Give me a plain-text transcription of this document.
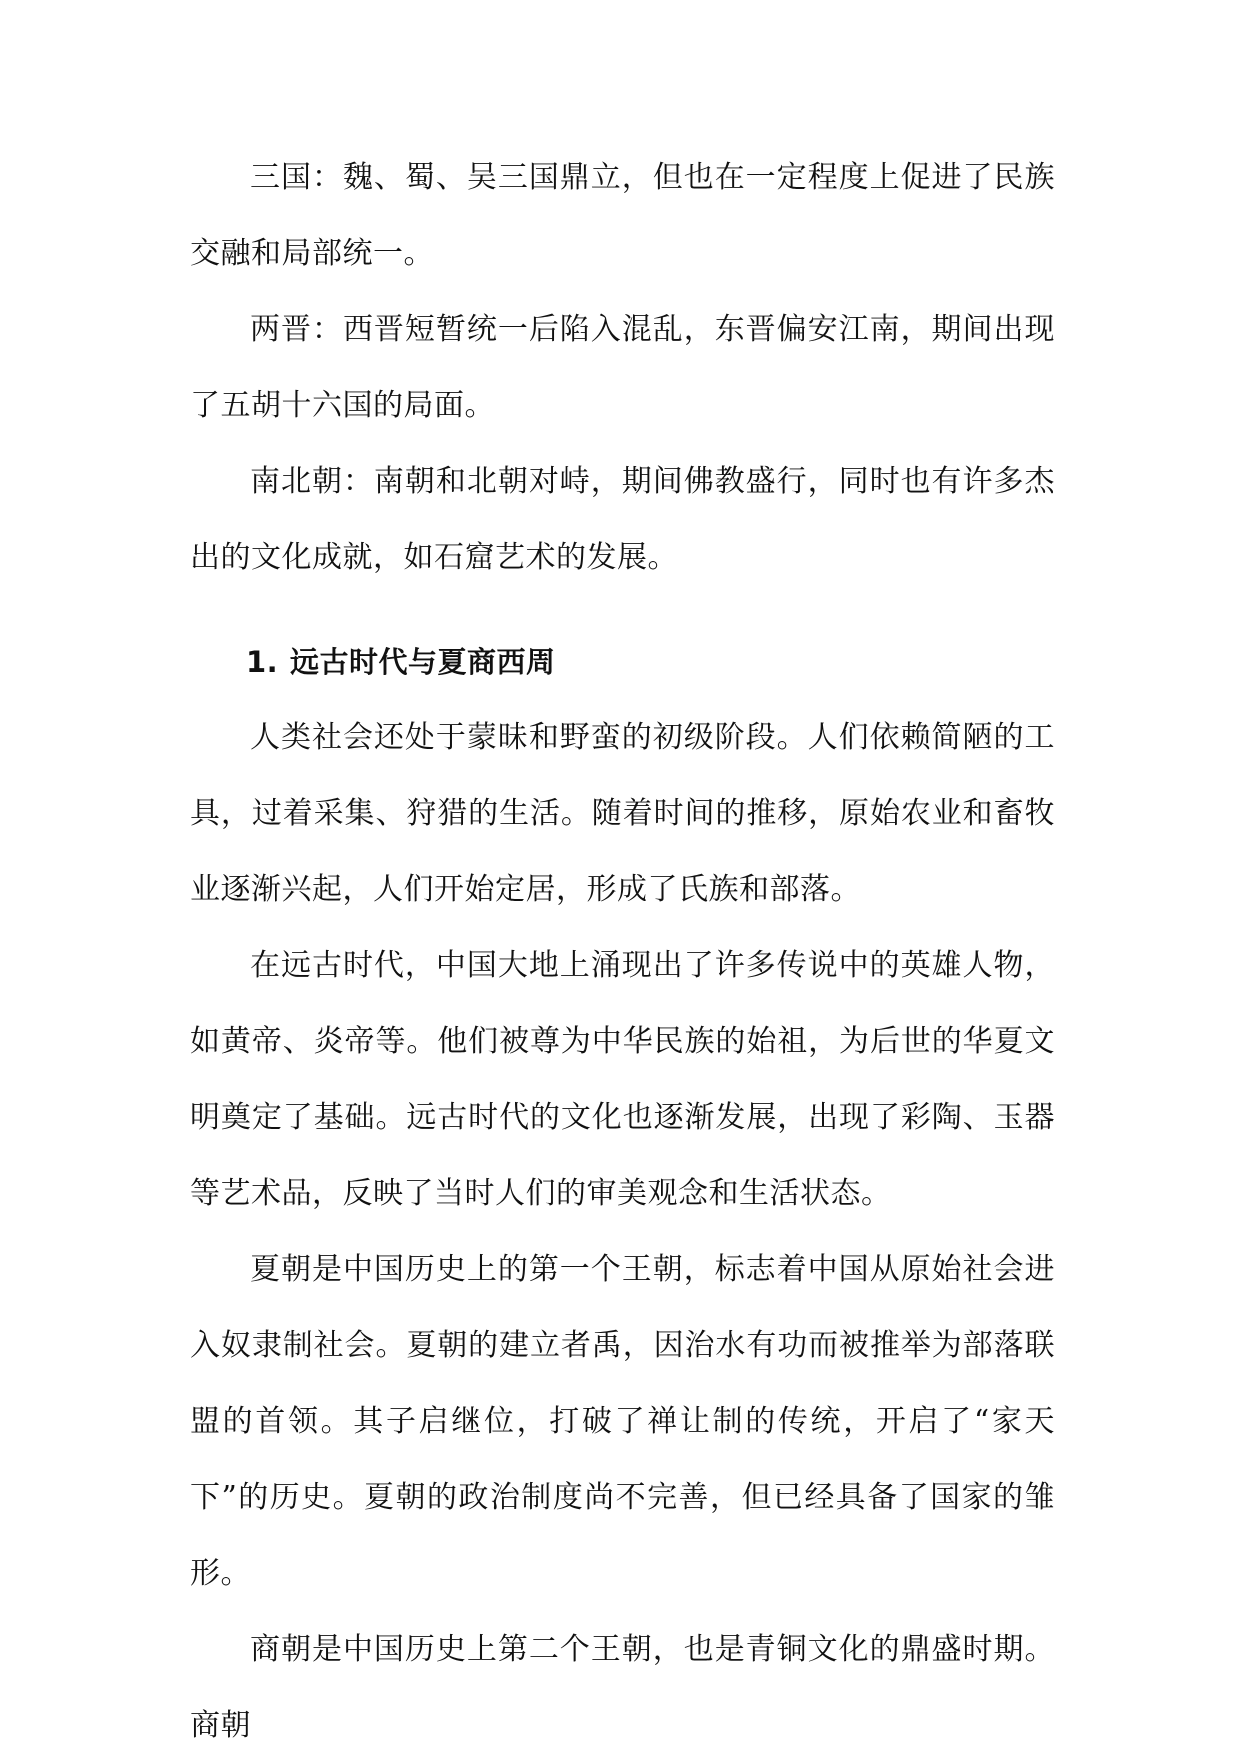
三国：魏、蜀、吴三国鼎立，但也在一定程度上促进了民族交融和局部统一。

两晋：西晋短暂统一后陷入混乱，东晋偏安江南，期间出现了五胡十六国的局面。

南北朝：南朝和北朝对峙，期间佛教盛行，同时也有许多杰出的文化成就，如石窟艺术的发展。

1. 远古时代与夏商西周

人类社会还处于蒙昧和野蛮的初级阶段。人们依赖简陋的工具，过着采集、狩猎的生活。随着时间的推移，原始农业和畜牧业逐渐兴起，人们开始定居，形成了氏族和部落。

在远古时代，中国大地上涌现出了许多传说中的英雄人物，如黄帝、炎帝等。他们被尊为中华民族的始祖，为后世的华夏文明奠定了基础。远古时代的文化也逐渐发展，出现了彩陶、玉器等艺术品，反映了当时人们的审美观念和生活状态。

夏朝是中国历史上的第一个王朝，标志着中国从原始社会进入奴隶制社会。夏朝的建立者禹，因治水有功而被推举为部落联盟的首领。其子启继位，打破了禅让制的传统，开启了“家天下”的历史。夏朝的政治制度尚不完善，但已经具备了国家的雏形。

商朝是中国历史上第二个王朝，也是青铜文化的鼎盛时期。商朝
